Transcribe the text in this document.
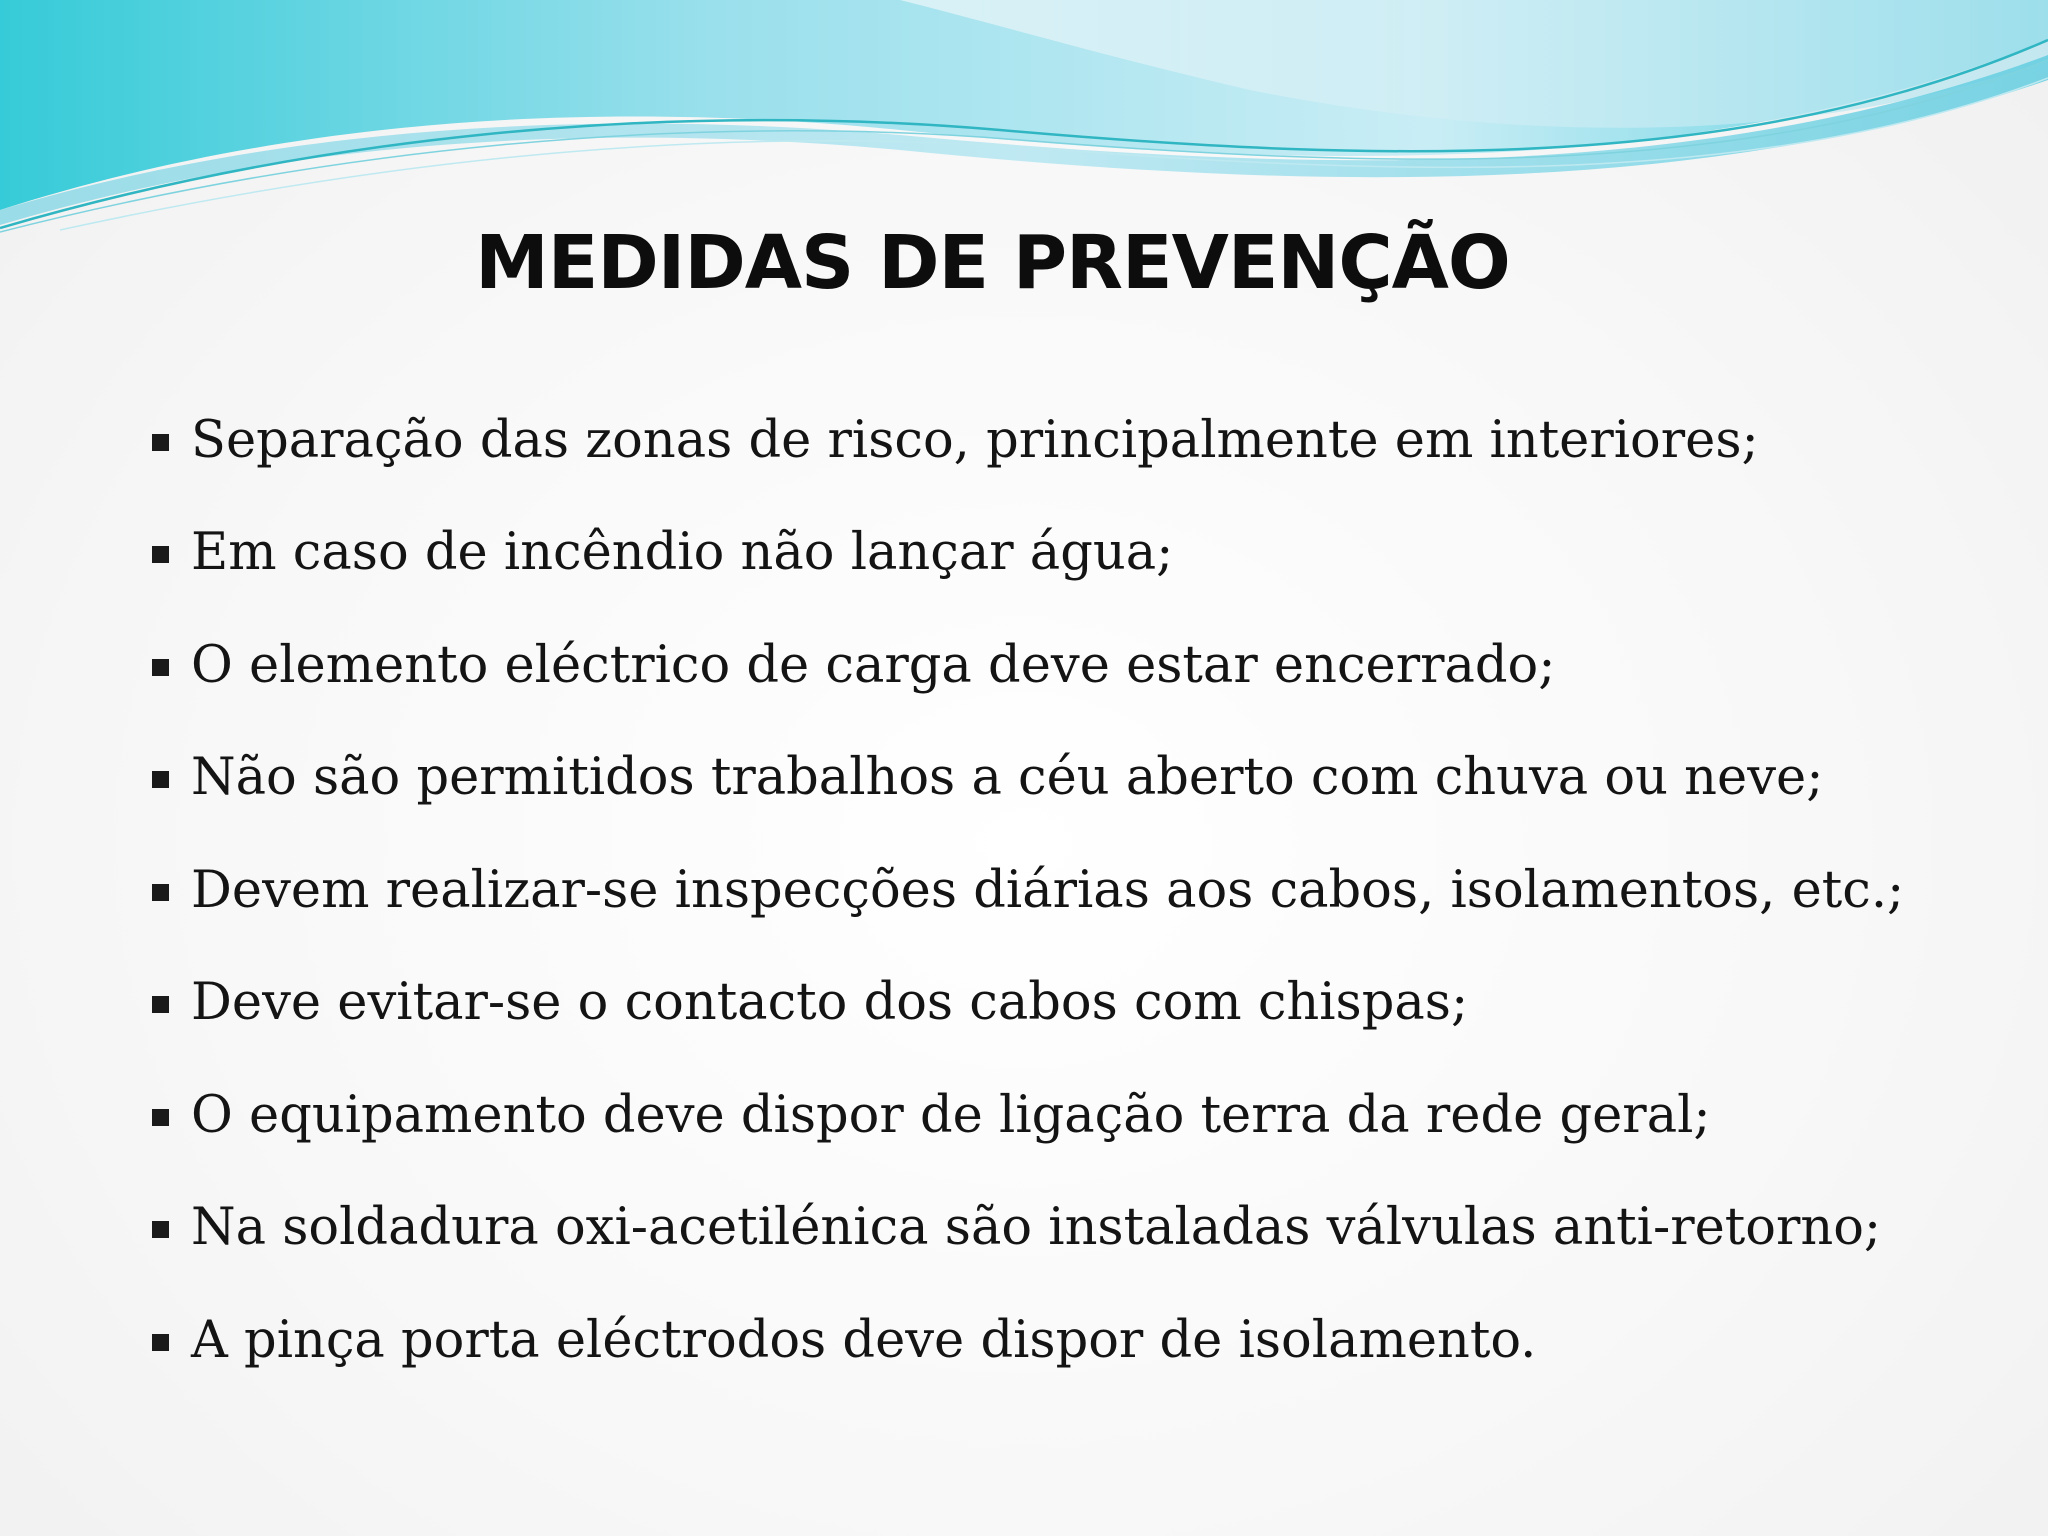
MEDIDAS DE PREVENÇÃO
Separação das zonas de risco, principalmente em interiores;
Em caso de incêndio não lançar água;
O elemento eléctrico de carga deve estar encerrado;
Não são permitidos trabalhos a céu aberto com chuva ou neve;
Devem realizar-se inspecções diárias aos cabos, isolamentos, etc.;
Deve evitar-se o contacto dos cabos com chispas;
O equipamento deve dispor de ligação terra da rede geral;
Na soldadura oxi-acetilénica são instaladas válvulas anti-retorno;
A pinça porta eléctrodos deve dispor de isolamento.
